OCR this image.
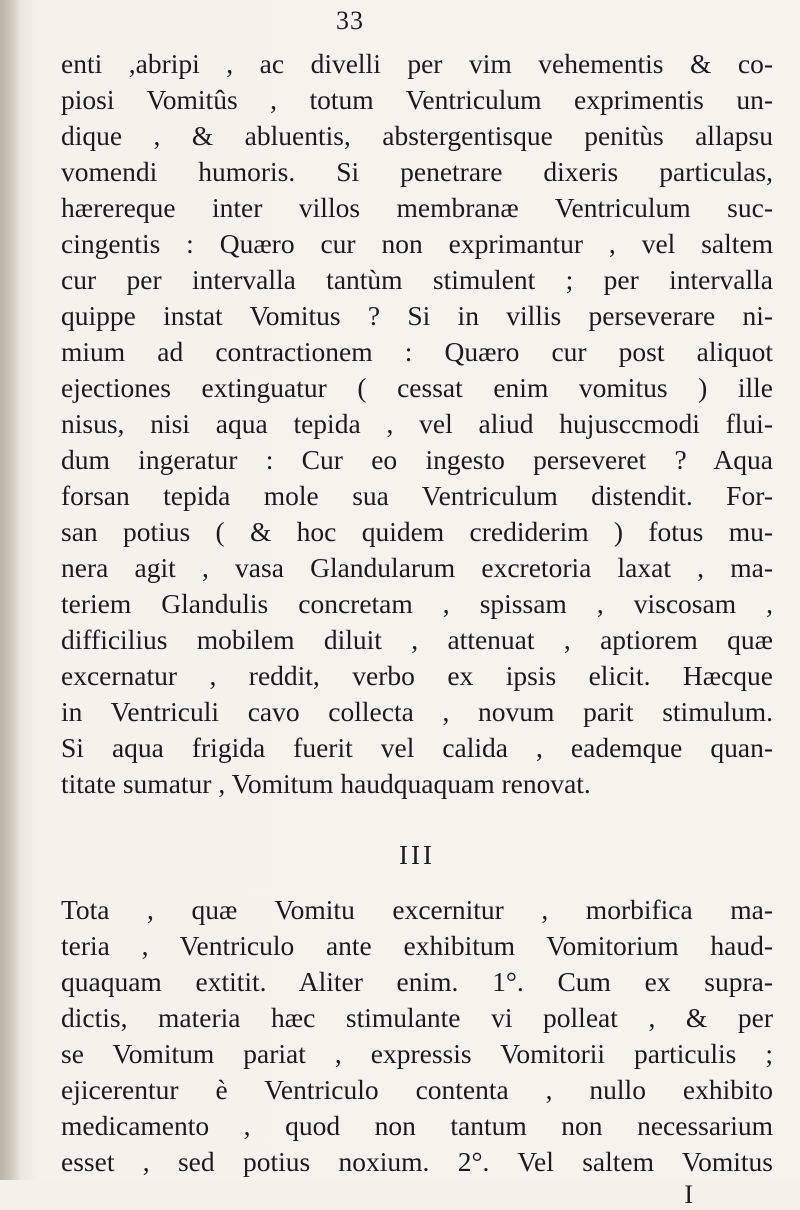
33
enti ,abripi , ac divelli per vim vehementis & co-
piosi Vomitûs , totum Ventriculum exprimentis un-
dique , & abluentis, abstergentisque penitùs allapsu
vomendi humoris. Si penetrare dixeris particulas,
hærereque inter villos membranæ Ventriculum suc-
cingentis : Quæro cur non exprimantur , vel saltem
cur per intervalla tantùm stimulent ; per intervalla
quippe instat Vomitus ? Si in villis perseverare ni-
mium ad contractionem : Quæro cur post aliquot
ejectiones extinguatur ( cessat enim vomitus ) ille
nisus, nisi aqua tepida , vel aliud hujusccmodi flui-
dum ingeratur : Cur eo ingesto perseveret ? Aqua
forsan tepida mole sua Ventriculum distendit. For-
san potius ( & hoc quidem crediderim ) fotus mu-
nera agit , vasa Glandularum excretoria laxat , ma-
teriem Glandulis concretam , spissam , viscosam ,
difficilius mobilem diluit , attenuat , aptiorem quæ
excernatur , reddit, verbo ex ipsis elicit. Hæcque
in Ventriculi cavo collecta , novum parit stimulum.
Si aqua frigida fuerit vel calida , eademque quan-
titate sumatur , Vomitum haudquaquam renovat.
III
Tota , quæ Vomitu excernitur , morbifica ma-
teria , Ventriculo ante exhibitum Vomitorium haud-
quaquam extitit. Aliter enim. 1°. Cum ex supra-
dictis, materia hæc stimulante vi polleat , & per
se Vomitum pariat , expressis Vomitorii particulis ;
ejicerentur è Ventriculo contenta , nullo exhibito
medicamento , quod non tantum non necessarium
esset , sed potius noxium. 2°. Vel saltem Vomitus
I
